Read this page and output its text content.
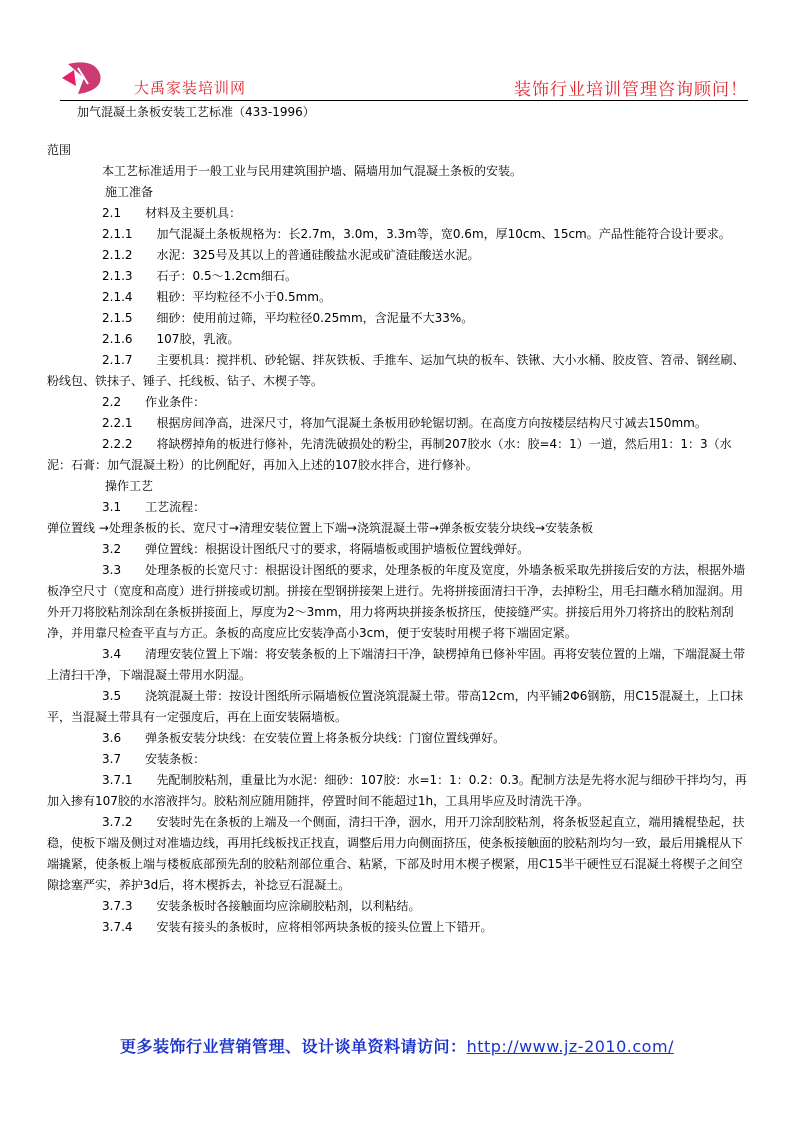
大禹家装培训网	装饰行业培训管理咨询顾问！
加气混凝土条板安装工艺标准（433-1996）

范围

本工艺标准适用于一般工业与民用建筑围护墙、隔墙用加气混凝土条板的安装。

施工准备

2.1　　材料及主要机具：

2.1.1　　加气混凝土条板规格为：长2.7m，3.0m，3.3m等，宽0.6m，厚10cm、15cm。产品性能符合设计要求。

2.1.2　　水泥：325号及其以上的普通硅酸盐水泥或矿渣硅酸送水泥。

2.1.3　　石子：0.5～1.2cm细石。

2.1.4　　粗砂：平均粒径不小于0.5mm。

2.1.5　　细砂：使用前过筛，平均粒径0.25mm，含泥量不大33%。

2.1.6　　107胶，乳液。

2.1.7　　主要机具：搅拌机、砂轮锯、拌灰铁板、手推车、运加气块的板车、铁锹、大小水桶、胶皮管、笤帚、钢丝刷、粉线包、铁抹子、锤子、托线板、钻子、木楔子等。

2.2　　作业条件：

2.2.1　　根据房间净高，进深尺寸，将加气混凝土条板用砂轮锯切割。在高度方向按楼层结构尺寸减去150mm。

2.2.2　　将缺楞掉角的板进行修补，先清洗破损处的粉尘，再制207胶水（水：胶=4：1）一道，然后用1：1：3（水泥：石膏：加气混凝土粉）的比例配好，再加入上述的107胶水拌合，进行修补。

操作工艺

3.1　　工艺流程：

弹位置线 →处理条板的长、宽尺寸→清理安装位置上下端→浇筑混凝土带→弹条板安装分块线→安装条板

3.2　　弹位置线：根据设计图纸尺寸的要求，将隔墙板或围护墙板位置线弹好。

3.3　　处理条板的长宽尺寸：根据设计图纸的要求，处理条板的年度及宽度，外墙条板采取先拼接后安的方法，根据外墙板净空尺寸（宽度和高度）进行拼接或切割。拼接在型钢拼接架上进行。先将拼接面清扫干净，去掉粉尘，用毛扫蘸水稍加湿润。用外开刀将胶粘剂涂刮在条板拼接面上，厚度为2～3mm，用力将两块拼接条板挤压，使接缝严实。拼接后用外刀将挤出的胶粘剂刮净，并用靠尺检查平直与方正。条板的高度应比安装净高小3cm，便于安装时用楔子将下端固定紧。

3.4　　清理安装位置上下端：将安装条板的上下端清扫干净，缺楞掉角已修补牢固。再将安装位置的上端，下端混凝土带上清扫干净，下端混凝土带用水阴湿。

3.5　　浇筑混凝土带：按设计图纸所示隔墙板位置浇筑混凝土带。带高12cm，内平铺2Φ6钢筋，用C15混凝土，上口抹平，当混凝土带具有一定强度后，再在上面安装隔墙板。

3.6　　弹条板安装分块线：在安装位置上将条板分块线：门窗位置线弹好。

3.7　　安装条板：

3.7.1　　先配制胶粘剂，重量比为水泥：细砂：107胶：水=1：1：0.2：0.3。配制方法是先将水泥与细砂干拌均匀，再加入掺有107胶的水溶液拌匀。胶粘剂应随用随拌，停置时间不能超过1h，工具用毕应及时清洗干净。

3.7.2　　安装时先在条板的上端及一个侧面，清扫干净，洇水，用开刀涂刮胶粘剂，将条板竖起直立，端用撬棍垫起，扶稳，使板下端及侧过对准墙边线，再用托线板找正找直，调整后用力向侧面挤压，使条板接触面的胶粘剂均匀一致，最后用撬棍从下端撬紧，使条板上端与楼板底部预先刮的胶粘剂部位重合、粘紧，下部及时用木楔子楔紧，用C15半干硬性豆石混凝土将楔子之间空隙捻塞严实，养护3d后，将木楔拆去，补捻豆石混凝土。

3.7.3　　安装条板时各接触面均应涂刷胶粘剂，以利粘结。

3.7.4　　安装有接头的条板时，应将相邻两块条板的接头位置上下错开。

更多装饰行业营销管理、设计谈单资料请访问：http://www.jz-2010.com/
